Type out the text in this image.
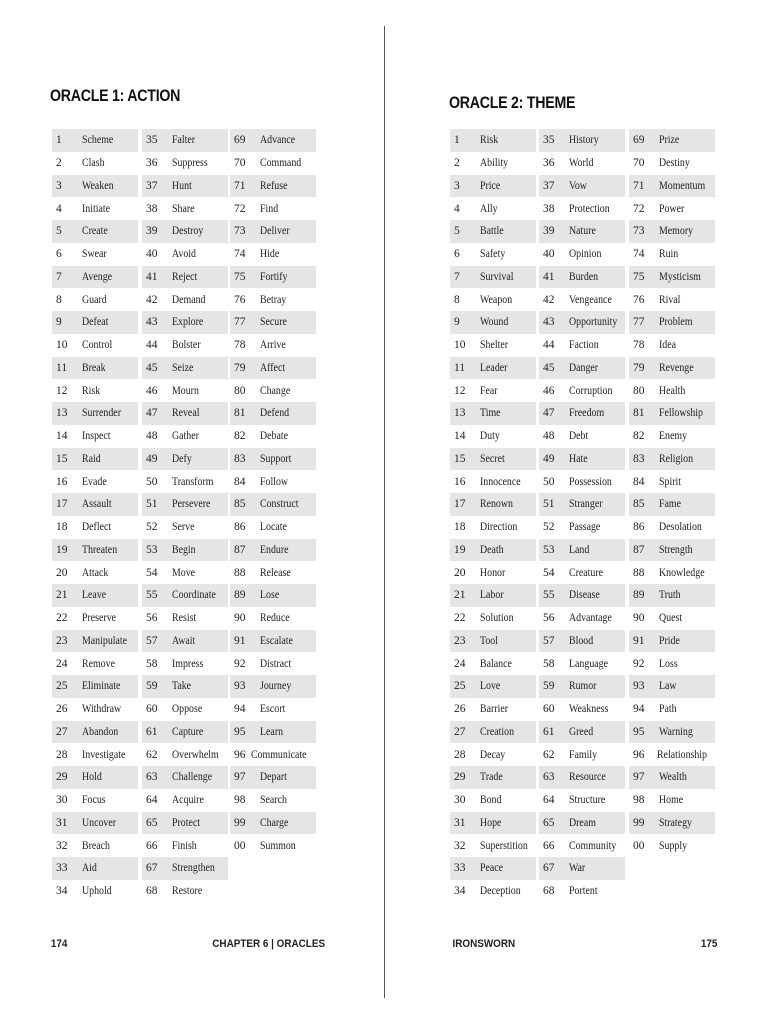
ORACLE 1: ACTION
1	Scheme
2	Clash
3	Weaken
4	Initiate
5	Create
6	Swear
7	Avenge
8	Guard
9	Defeat
10	Control
11	Break
12	Risk
13	Surrender
14	Inspect
15	Raid
16	Evade
17	Assault
18	Deflect
19	Threaten
20	Attack
21	Leave
22	Preserve
23	Manipulate
24	Remove
25	Eliminate
26	Withdraw
27	Abandon
28	Investigate
29	Hold
30	Focus
31	Uncover
32	Breach
33	Aid
34	Uphold
35	Falter
36	Suppress
37	Hunt
38	Share
39	Destroy
40	Avoid
41	Reject
42	Demand
43	Explore
44	Bolster
45	Seize
46	Mourn
47	Reveal
48	Gather
49	Defy
50	Transform
51	Persevere
52	Serve
53	Begin
54	Move
55	Coordinate
56	Resist
57	Await
58	Impress
59	Take
60	Oppose
61	Capture
62	Overwhelm
63	Challenge
64	Acquire
65	Protect
66	Finish
67	Strengthen
68	Restore
69	Advance
70	Command
71	Refuse
72	Find
73	Deliver
74	Hide
75	Fortify
76	Betray
77	Secure
78	Arrive
79	Affect
80	Change
81	Defend
82	Debate
83	Support
84	Follow
85	Construct
86	Locate
87	Endure
88	Release
89	Lose
90	Reduce
91	Escalate
92	Distract
93	Journey
94	Escort
95	Learn
96 Communicate
97	Depart
98	Search
99	Charge
00	Summon
174	CHAPTER 6 | ORACLES
ORACLE 2: THEME
1	Risk
2	Ability
3	Price
4	Ally
5	Battle
6	Safety
7	Survival
8	Weapon
9	Wound
10	Shelter
11	Leader
12	Fear
13	Time
14	Duty
15	Secret
16	Innocence
17	Renown
18	Direction
19	Death
20	Honor
21	Labor
22	Solution
23	Tool
24	Balance
25	Love
26	Barrier
27	Creation
28	Decay
29	Trade
30	Bond
31	Hope
32	Superstition
33	Peace
34	Deception
35	History
36	World
37	Vow
38	Protection
39	Nature
40	Opinion
41	Burden
42	Vengeance
43	Opportunity
44	Faction
45	Danger
46	Corruption
47	Freedom
48	Debt
49	Hate
50	Possession
51	Stranger
52	Passage
53	Land
54	Creature
55	Disease
56	Advantage
57	Blood
58	Language
59	Rumor
60	Weakness
61	Greed
62	Family
63	Resource
64	Structure
65	Dream
66	Community
67	War
68	Portent
69	Prize
70	Destiny
71	Momentum
72	Power
73	Memory
74	Ruin
75	Mysticism
76	Rival
77	Problem
78	Idea
79	Revenge
80	Health
81	Fellowship
82	Enemy
83	Religion
84	Spirit
85	Fame
86	Desolation
87	Strength
88	Knowledge
89	Truth
90	Quest
91	Pride
92	Loss
93	Law
94	Path
95	Warning
96	Relationship
97	Wealth
98	Home
99	Strategy
00	Supply
IRONSWORN	175
